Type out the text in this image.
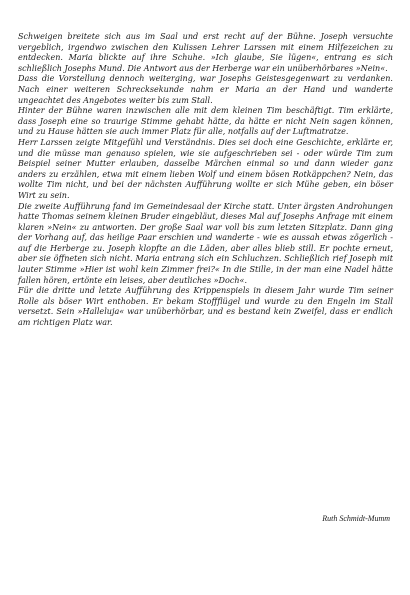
Schweigen breitete sich aus im Saal und erst recht auf der Bühne. Joseph versuchte vergeblich, irgendwo zwischen den Kulissen Lehrer Larssen mit einem Hilfezeichen zu entdecken. Maria blickte auf ihre Schuhe. »Ich glaube, Sie lügen«, entrang es sich schließlich Josephs Mund. Die Antwort aus der Herberge war ein unüberhörbares »Nein«.

Dass die Vorstellung dennoch weiterging, war Josephs Geistesgegenwart zu verdanken. Nach einer weiteren Schrecksekunde nahm er Maria an der Hand und wanderte ungeachtet des Angebotes weiter bis zum Stall.

Hinter der Bühne waren inzwischen alle mit dem kleinen Tim beschäftigt. Tim erklärte, dass Joseph eine so traurige Stimme gehabt hätte, da hätte er nicht Nein sagen können, und zu Hause hätten sie auch immer Platz für alle, notfalls auf der Luftmatratze.

Herr Larssen zeigte Mitgefühl und Verständnis. Dies sei doch eine Geschichte, erklärte er, und die müsse man genauso spielen, wie sie aufgeschrieben sei - oder würde Tim zum Beispiel seiner Mutter erlauben, dasselbe Märchen einmal so und dann wieder ganz anders zu erzählen, etwa mit einem lieben Wolf und einem bösen Rotkäppchen? Nein, das wollte Tim nicht, und bei der nächsten Aufführung wollte er sich Mühe geben, ein böser Wirt zu sein.

Die zweite Aufführung fand im Gemeindesaal der Kirche statt. Unter ärgsten Androhungen hatte Thomas seinem kleinen Bruder eingebläut, dieses Mal auf Josephs Anfrage mit einem klaren »Nein« zu antworten. Der große Saal war voll bis zum letzten Sitzplatz. Dann ging der Vorhang auf, das heilige Paar erschien und wanderte - wie es aussah etwas zögerlich - auf die Herberge zu. Joseph klopfte an die Läden, aber alles blieb still. Er pochte erneut, aber sie öffneten sich nicht. Maria entrang sich ein Schluchzen. Schließlich rief Joseph mit lauter Stimme »Hier ist wohl kein Zimmer frei?« In die Stille, in der man eine Nadel hätte fallen hören, ertönte ein leises, aber deutliches »Doch«.

Für die dritte und letzte Aufführung des Krippenspiels in diesem Jahr wurde Tim seiner Rolle als böser Wirt enthoben. Er bekam Stoffflügel und wurde zu den Engeln im Stall versetzt. Sein »Halleluja« war unüberhörbar, und es bestand kein Zweifel, dass er endlich am richtigen Platz war.

Ruth Schmidt-Mumm
